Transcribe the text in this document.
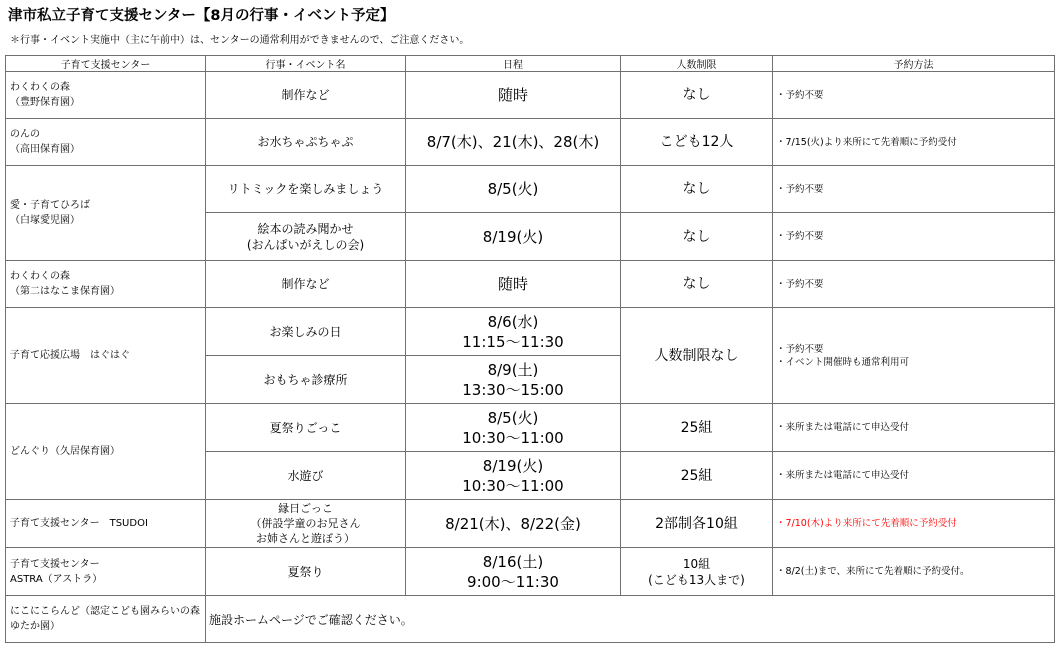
津市私立子育て支援センター【8月の行事・イベント予定】
＊行事・イベント実施中（主に午前中）は、センターの通常利用ができませんので、ご注意ください。
子育て支援センター	行事・イベント名	日程	人数制限	予約方法

わくわくの森
（豊野保育園）	制作など	随時	なし	・予約不要

のんの
（高田保育園）	お水ちゃぷちゃぷ	8/7(木)、21(木)、28(木)	こども12人	・7/15(火)より来所にて先着順に予約受付

愛・子育てひろば
（白塚愛児園）	リトミックを楽しみましょう	8/5(火)	なし	・予約不要

	絵本の読み聞かせ
(おんぱいがえしの会)	8/19(火)	なし	・予約不要

わくわくの森
（第二はなこま保育園）	制作など	随時	なし	・予約不要

子育て応援広場　はぐはぐ	お楽しみの日	8/6(水)
11:15～11:30	人数制限なし	・予約不要
・イベント開催時も通常利用可

	おもちゃ診療所	8/9(土)
13:30～15:00		

どんぐり（久居保育園）	夏祭りごっこ	8/5(火)
10:30～11:00	25組	・来所または電話にて申込受付

	水遊び	8/19(火)
10:30～11:00	25組	・来所または電話にて申込受付

子育て支援センター　TSUDOI	縁日ごっこ
（併設学童のお兄さん
お姉さんと遊ぼう）	8/21(木)、8/22(金)	2部制各10組	・7/10(木)より来所にて先着順に予約受付

子育て支援センター
ASTRA（アストラ）	夏祭り	8/16(土)
9:00～11:30	10組
(こども13人まで)	・8/2(土)まで、来所にて先着順に予約受付。

にこにこらんど（認定こども園みらいの森
ゆたか園）	施設ホームページでご確認ください。			
